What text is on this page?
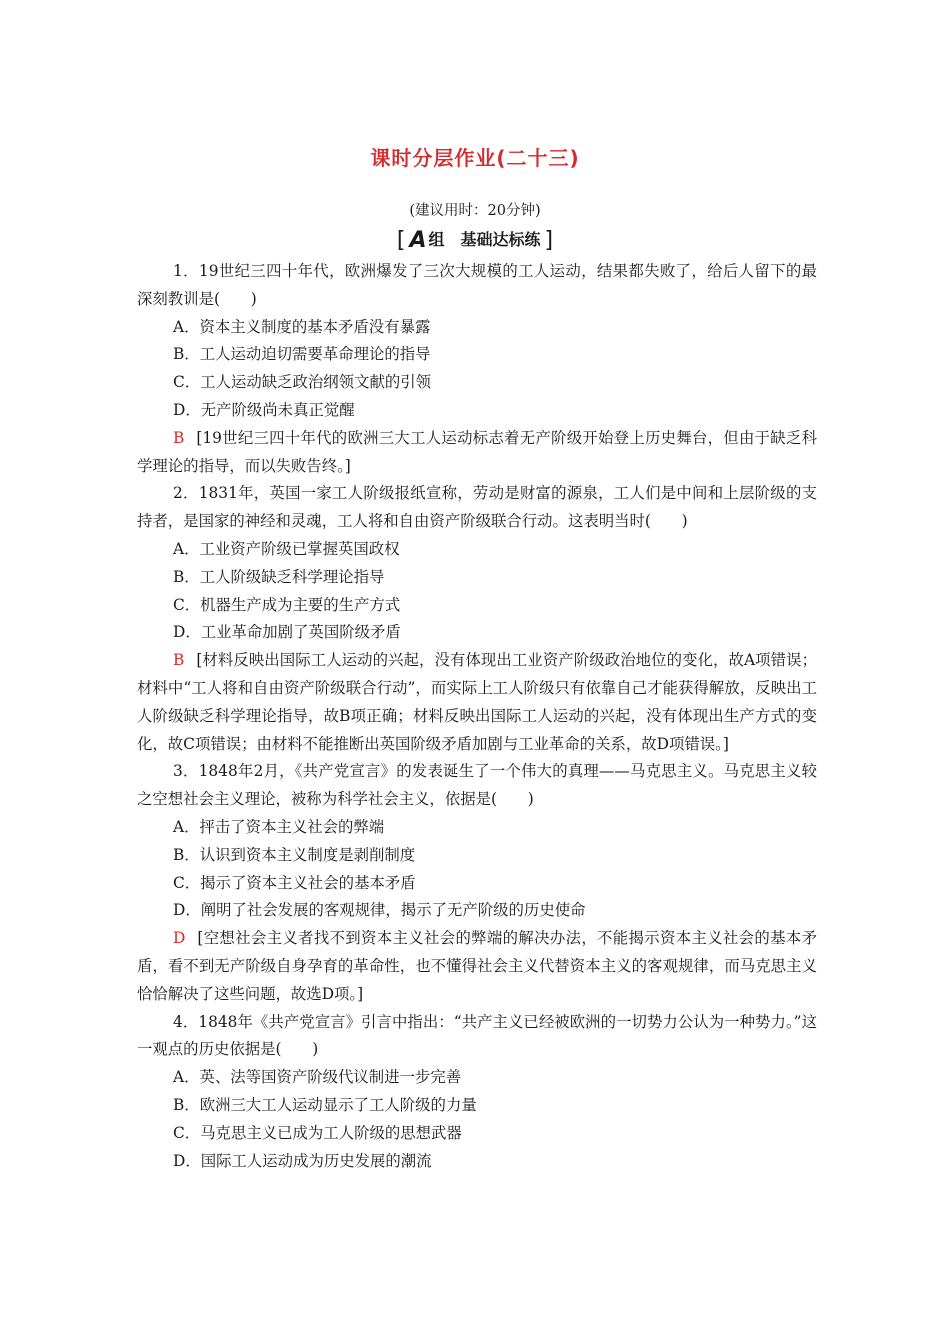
课时分层作业(二十三)
(建议用时：20分钟)
[ A 组　基础达标练 ]

1．19世纪三四十年代，欧洲爆发了三次大规模的工人运动，结果都失败了，给后人留下的最深刻教训是(　　)

A．资本主义制度的基本矛盾没有暴露

B．工人运动迫切需要革命理论的指导

C．工人运动缺乏政治纲领文献的引领

D．无产阶级尚未真正觉醒

B [19世纪三四十年代的欧洲三大工人运动标志着无产阶级开始登上历史舞台，但由于缺乏科学理论的指导，而以失败告终。]

2．1831年，英国一家工人阶级报纸宣称，劳动是财富的源泉，工人们是中间和上层阶级的支持者，是国家的神经和灵魂，工人将和自由资产阶级联合行动。这表明当时(　　)

A．工业资产阶级已掌握英国政权

B．工人阶级缺乏科学理论指导

C．机器生产成为主要的生产方式

D．工业革命加剧了英国阶级矛盾

B [材料反映出国际工人运动的兴起，没有体现出工业资产阶级政治地位的变化，故A项错误；材料中“工人将和自由资产阶级联合行动”，而实际上工人阶级只有依靠自己才能获得解放，反映出工人阶级缺乏科学理论指导，故B项正确；材料反映出国际工人运动的兴起，没有体现出生产方式的变化，故C项错误；由材料不能推断出英国阶级矛盾加剧与工业革命的关系，故D项错误。]

3．1848年2月，《共产党宣言》的发表诞生了一个伟大的真理——马克思主义。马克思主义较之空想社会主义理论，被称为科学社会主义，依据是(　　)

A．抨击了资本主义社会的弊端

B．认识到资本主义制度是剥削制度

C．揭示了资本主义社会的基本矛盾

D．阐明了社会发展的客观规律，揭示了无产阶级的历史使命

D [空想社会主义者找不到资本主义社会的弊端的解决办法，不能揭示资本主义社会的基本矛盾，看不到无产阶级自身孕育的革命性，也不懂得社会主义代替资本主义的客观规律，而马克思主义恰恰解决了这些问题，故选D项。]

4．1848年《共产党宣言》引言中指出：“共产主义已经被欧洲的一切势力公认为一种势力。”这一观点的历史依据是(　　)

A．英、法等国资产阶级代议制进一步完善

B．欧洲三大工人运动显示了工人阶级的力量

C．马克思主义已成为工人阶级的思想武器

D．国际工人运动成为历史发展的潮流
